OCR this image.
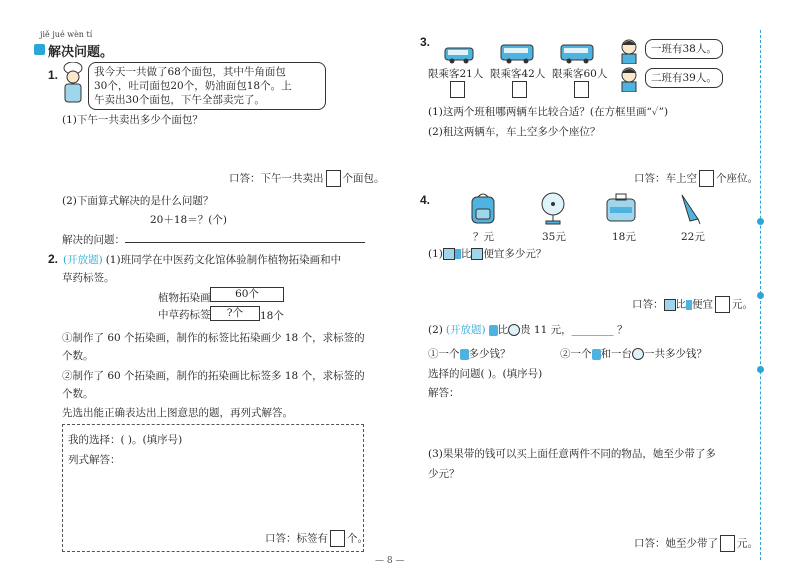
jiě jué wèn tí
解决问题。
1.	我今天一共做了68个面包，其中牛角面包
30个，吐司面包20个，奶油面包18个。上
午卖出30个面包，下午全部卖完了。
(1)下午一共卖出多少个面包？
口答：下午一共卖出 个面包。
(2)下面算式解决的是什么问题？
20＋18＝？(个)
解决的问题：
2. (开放题) (1)班同学在中医药文化馆体验制作植物拓染画和中
草药标签。
植物拓染画	60个
中草药标签	?个	18个
①制作了 60 个拓染画，制作的标签比拓染画少 18 个，求标签的
个数。
②制作了 60 个拓染画，制作的拓染画比标签多 18 个，求标签的
个数。
先选出能正确表达出上图意思的题，再列式解答。
我的选择：( )。(填序号)
列式解答：
口答：标签有 个。
— 8 —
3.
限乘客21人 限乘客42人 限乘客60人
一班有38人。
二班有39人。
(1)这两个班租哪两辆车比较合适？(在方框里画“✓”)
(2)租这两辆车，车上空多少个座位？
口答：车上空 个座位。
4.
？元	35元	18元	22元
(1) 比 便宜多少元？
口答： 比 便宜 元。
(2) (开放题) 比 贵 11 元，________ ？
①一个 多少钱？	②一个 和一台 一共多少钱？
选择的问题( )。(填序号)
解答：
(3)果果带的钱可以买上面任意两件不同的物品，她至少带了多
少元？
口答：她至少带了 元。
